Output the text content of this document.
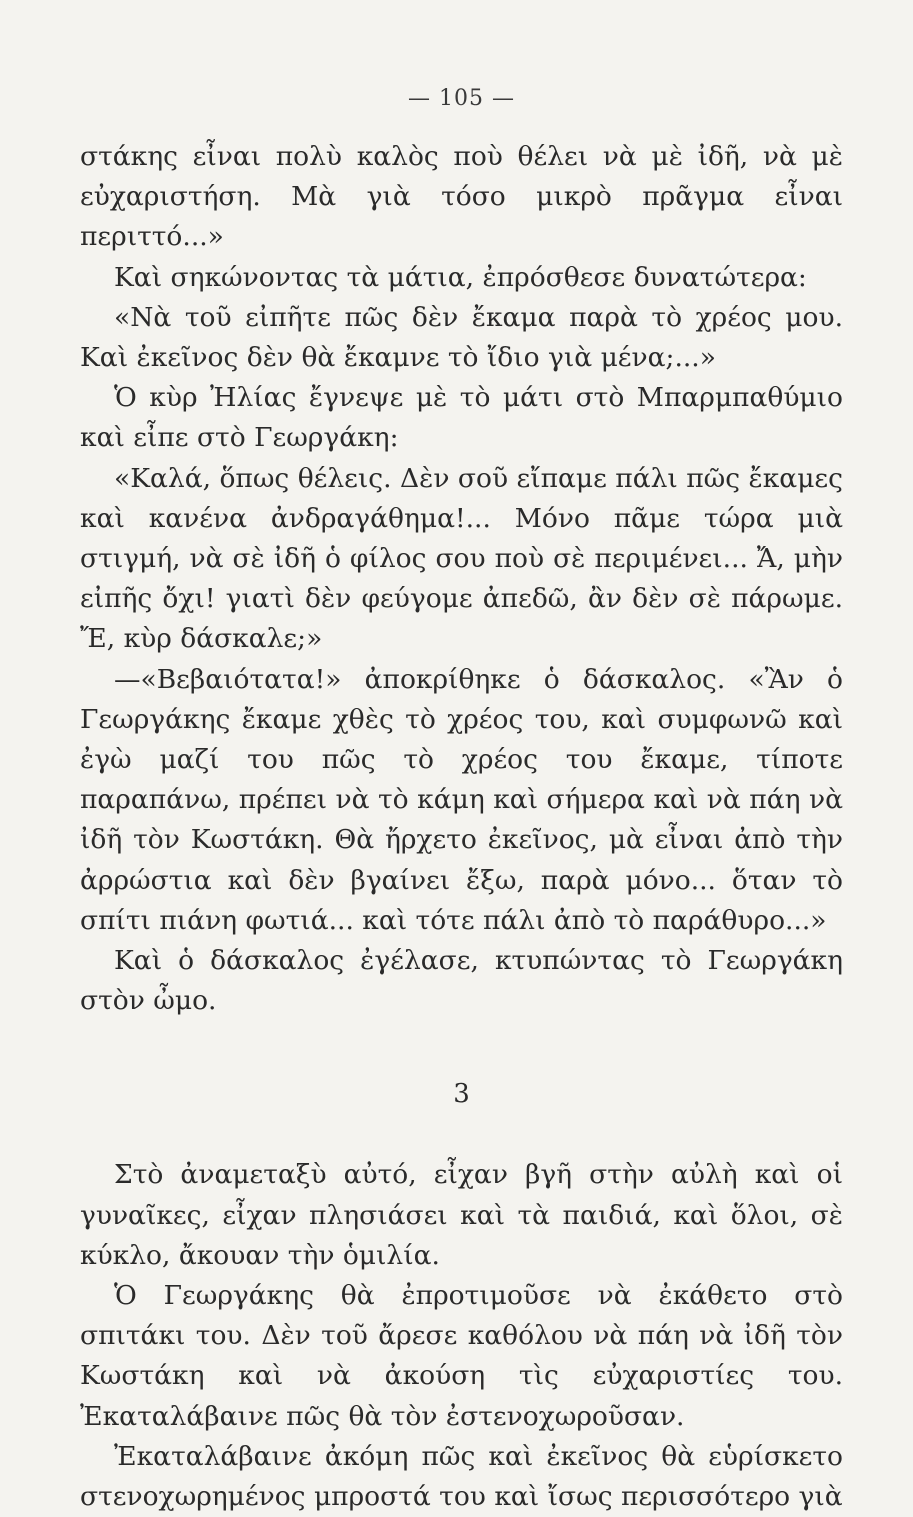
— 105 —

στάκης εἶναι πολὺ καλὸς ποὺ θέλει νὰ μὲ ἰδῆ, νὰ μὲ εὐχαριστήση. Μὰ γιὰ τόσο μικρὸ πρᾶγμα εἶναι περιττό...»

Καὶ σηκώνοντας τὰ μάτια, ἐπρόσθεσε δυνατώτερα:

«Νὰ τοῦ εἰπῆτε πῶς δὲν ἔκαμα παρὰ τὸ χρέος μου. Καὶ ἐκεῖνος δὲν θὰ ἔκαμνε τὸ ἴδιο γιὰ μένα;...»

Ὁ κὺρ Ἠλίας ἔγνεψε μὲ τὸ μάτι στὸ Μπαρμπαθύμιο καὶ εἶπε στὸ Γεωργάκη:

«Καλά, ὅπως θέλεις. Δὲν σοῦ εἴπαμε πάλι πῶς ἔκαμες καὶ κανένα ἀνδραγάθημα!... Μόνο πᾶμε τώρα μιὰ στιγμή, νὰ σὲ ἰδῆ ὁ φίλος σου ποὺ σὲ περιμένει... Ἄ, μὴν εἰπῆς ὄχι! γιατὶ δὲν φεύγομε ἀπεδῶ, ἂν δὲν σὲ πάρωμε. Ἔ, κὺρ δάσκαλε;»

—«Βεβαιότατα!» ἀποκρίθηκε ὁ δάσκαλος. «Ἂν ὁ Γεωργάκης ἔκαμε χθὲς τὸ χρέος του, καὶ συμφωνῶ καὶ ἐγὼ μαζί του πῶς τὸ χρέος του ἔκαμε, τίποτε παραπάνω, πρέπει νὰ τὸ κάμη καὶ σήμερα καὶ νὰ πάη νὰ ἰδῆ τὸν Κωστάκη. Θὰ ἤρχετο ἐκεῖνος, μὰ εἶναι ἀπὸ τὴν ἀρρώστια καὶ δὲν βγαίνει ἔξω, παρὰ μόνο... ὅταν τὸ σπίτι πιάνη φωτιά... καὶ τότε πάλι ἀπὸ τὸ παράθυρο...»

Καὶ ὁ δάσκαλος ἐγέλασε, κτυπώντας τὸ Γεωργάκη στὸν ὦμο.

3

Στὸ ἀναμεταξὺ αὐτό, εἶχαν βγῆ στὴν αὐλὴ καὶ οἱ γυναῖκες, εἶχαν πλησιάσει καὶ τὰ παιδιά, καὶ ὅλοι, σὲ κύκλο, ἄκουαν τὴν ὁμιλία.

Ὁ Γεωργάκης θὰ ἐπροτιμοῦσε νὰ ἐκάθετο στὸ σπιτάκι του. Δὲν τοῦ ἄρεσε καθόλου νὰ πάη νὰ ἰδῆ τὸν Κωστάκη καὶ νὰ ἀκούση τὶς εὐχαριστίες του. Ἐκαταλάβαινε πῶς θὰ τὸν ἐστενοχωροῦσαν.

Ἐκαταλάβαινε ἀκόμη πῶς καὶ ἐκεῖνος θὰ εὑρίσκετο στενοχωρημένος μπροστά του καὶ ἴσως περισσότερο γιὰ
